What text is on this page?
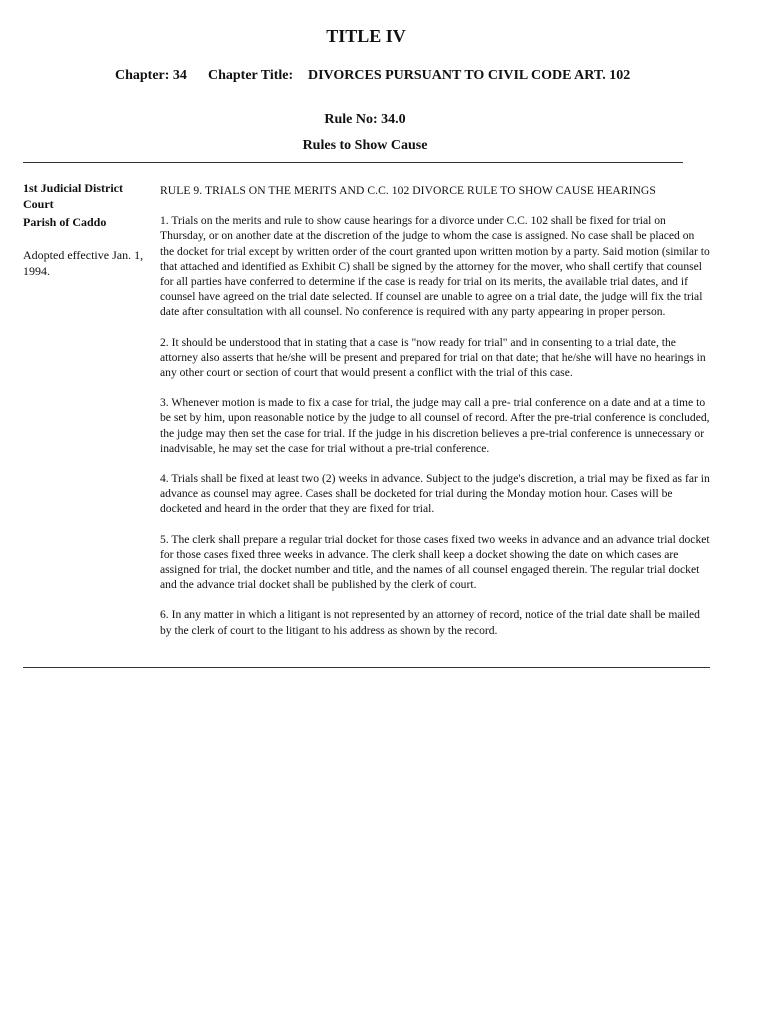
TITLE IV
Chapter: 34 Chapter Title: DIVORCES PURSUANT TO CIVIL CODE ART. 102
Rule No: 34.0
Rules to Show Cause
1st Judicial District Court
Parish of Caddo
Adopted effective Jan. 1, 1994.
RULE 9. TRIALS ON THE MERITS AND C.C. 102 DIVORCE RULE TO SHOW CAUSE HEARINGS

1. Trials on the merits and rule to show cause hearings for a divorce under C.C. 102 shall be fixed for trial on Thursday, or on another date at the discretion of the judge to whom the case is assigned. No case shall be placed on the docket for trial except by written order of the court granted upon written motion by a party. Said motion (similar to that attached and identified as Exhibit C) shall be signed by the attorney for the mover, who shall certify that counsel for all parties have conferred to determine if the case is ready for trial on its merits, the available trial dates, and if counsel have agreed on the trial date selected. If counsel are unable to agree on a trial date, the judge will fix the trial date after consultation with all counsel. No conference is required with any party appearing in proper person.

2. It should be understood that in stating that a case is "now ready for trial" and in consenting to a trial date, the attorney also asserts that he/she will be present and prepared for trial on that date; that he/she will have no hearings in any other court or section of court that would present a conflict with the trial of this case.

3. Whenever motion is made to fix a case for trial, the judge may call a pre- trial conference on a date and at a time to be set by him, upon reasonable notice by the judge to all counsel of record. After the pre-trial conference is concluded, the judge may then set the case for trial. If the judge in his discretion believes a pre-trial conference is unnecessary or inadvisable, he may set the case for trial without a pre-trial conference.

4. Trials shall be fixed at least two (2) weeks in advance. Subject to the judge's discretion, a trial may be fixed as far in advance as counsel may agree. Cases shall be docketed for trial during the Monday motion hour. Cases will be docketed and heard in the order that they are fixed for trial.

5. The clerk shall prepare a regular trial docket for those cases fixed two weeks in advance and an advance trial docket for those cases fixed three weeks in advance. The clerk shall keep a docket showing the date on which cases are assigned for trial, the docket number and title, and the names of all counsel engaged therein. The regular trial docket and the advance trial docket shall be published by the clerk of court.

6. In any matter in which a litigant is not represented by an attorney of record, notice of the trial date shall be mailed by the clerk of court to the litigant to his address as shown by the record.
